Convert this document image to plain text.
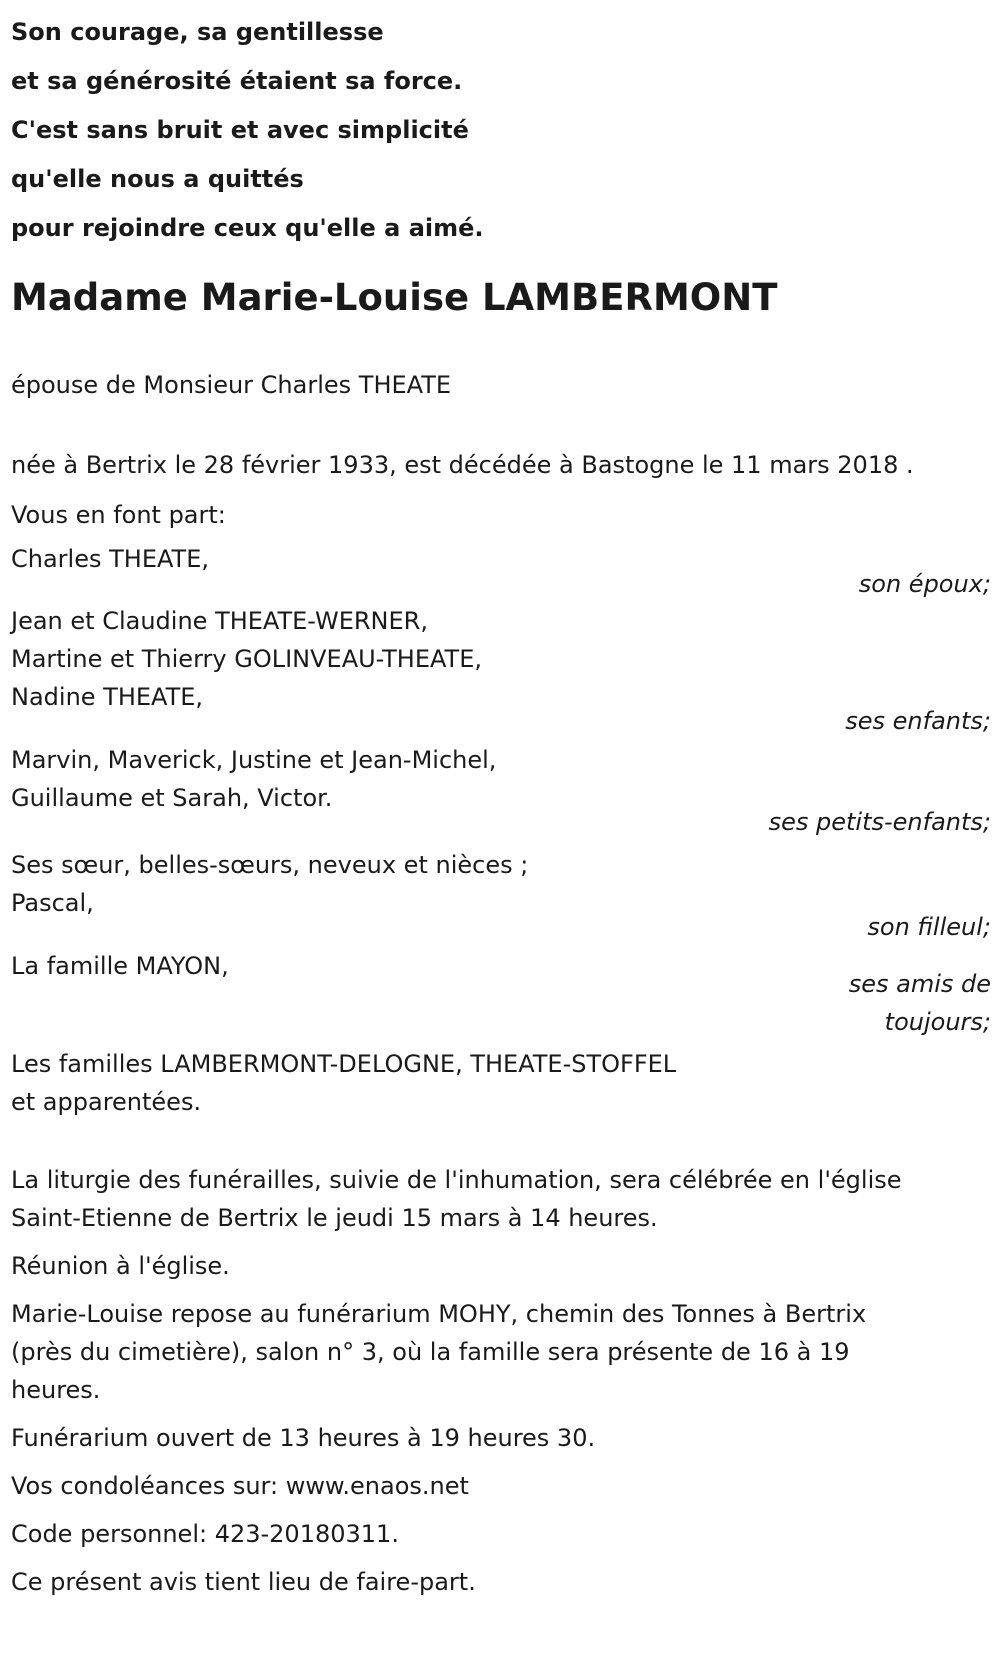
Son courage, sa gentillesse
et sa générosité étaient sa force.
C'est sans bruit et avec simplicité
qu'elle nous a quittés
pour rejoindre ceux qu'elle a aimé.
Madame Marie-Louise LAMBERMONT
épouse de Monsieur Charles THEATE
née à Bertrix le 28 février 1933, est décédée à Bastogne le 11 mars 2018 .
Vous en font part:
Charles THEATE,
son époux;
Jean et Claudine THEATE-WERNER,
Martine et Thierry GOLINVEAU-THEATE,
Nadine THEATE,
ses enfants;
Marvin, Maverick, Justine et Jean-Michel,
Guillaume et Sarah, Victor.
ses petits-enfants;
Ses sœur, belles-sœurs, neveux et nièces ;
Pascal,
son filleul;
La famille MAYON,
ses amis de
toujours;
Les familles LAMBERMONT-DELOGNE, THEATE-STOFFEL
et apparentées.
La liturgie des funérailles, suivie de l'inhumation, sera célébrée en l'église
Saint-Etienne de Bertrix le jeudi 15 mars à 14 heures.
Réunion à l'église.
Marie-Louise repose au funérarium MOHY, chemin des Tonnes à Bertrix
(près du cimetière), salon n° 3, où la famille sera présente de 16 à 19
heures.
Funérarium ouvert de 13 heures à 19 heures 30.
Vos condoléances sur: www.enaos.net
Code personnel: 423-20180311.
Ce présent avis tient lieu de faire-part.
